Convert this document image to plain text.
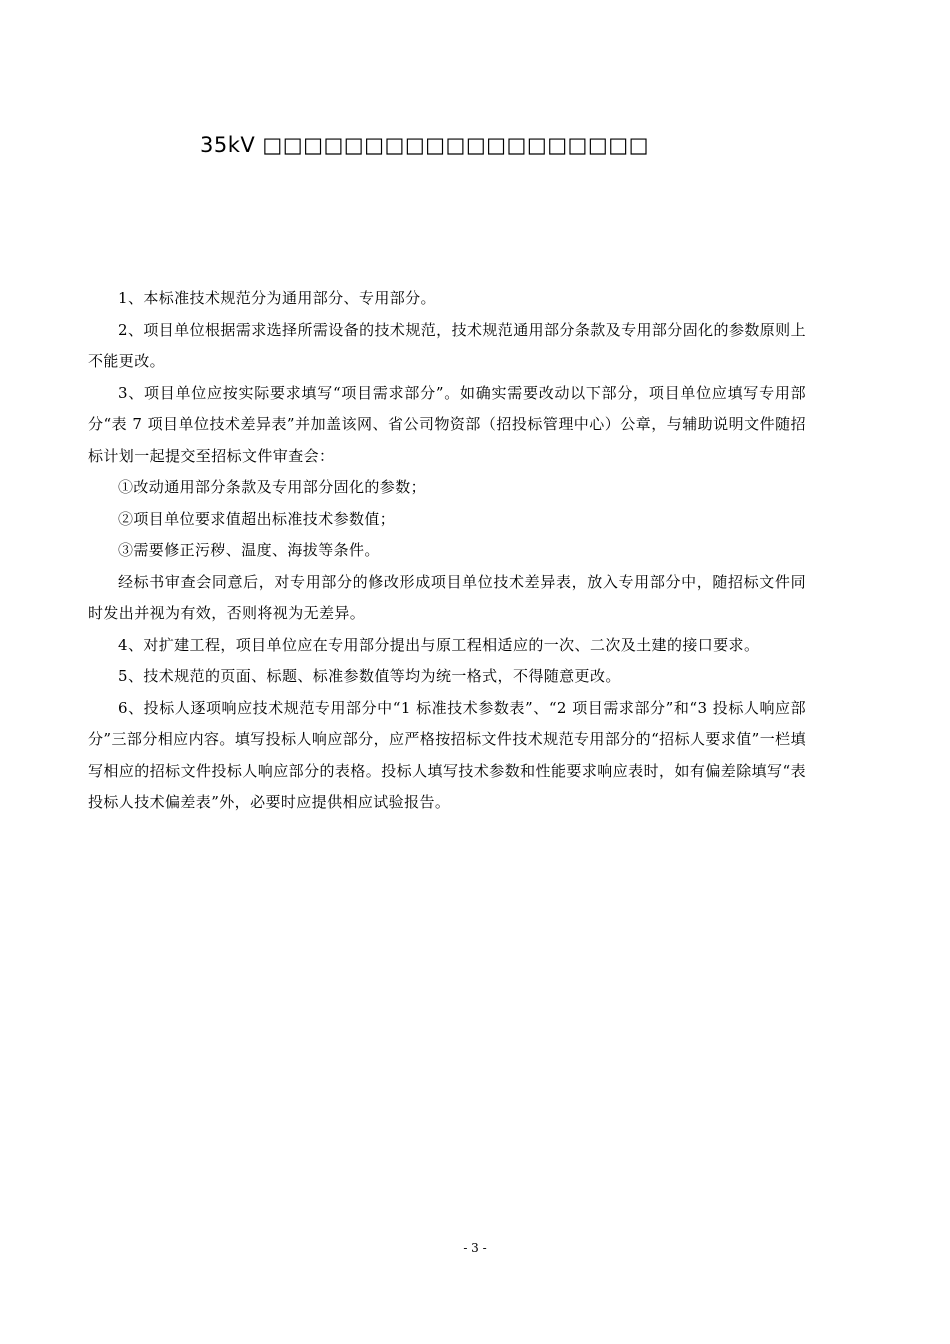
35kV □□□□□□□□□□□□□□□□□□□

1、本标准技术规范分为通用部分、专用部分。

2、项目单位根据需求选择所需设备的技术规范，技术规范通用部分条款及专用部分固化的参数原则上不能更改。

3、项目单位应按实际要求填写“项目需求部分”。如确实需要改动以下部分，项目单位应填写专用部分“表 7 项目单位技术差异表”并加盖该网、省公司物资部（招投标管理中心）公章，与辅助说明文件随招标计划一起提交至招标文件审查会：

①改动通用部分条款及专用部分固化的参数；

②项目单位要求值超出标准技术参数值；

③需要修正污秽、温度、海拔等条件。

经标书审查会同意后，对专用部分的修改形成项目单位技术差异表，放入专用部分中，随招标文件同时发出并视为有效，否则将视为无差异。

4、对扩建工程，项目单位应在专用部分提出与原工程相适应的一次、二次及土建的接口要求。

5、技术规范的页面、标题、标准参数值等均为统一格式，不得随意更改。

6、投标人逐项响应技术规范专用部分中“1 标准技术参数表”、“2 项目需求部分”和“3 投标人响应部分”三部分相应内容。填写投标人响应部分，应严格按招标文件技术规范专用部分的“招标人要求值”一栏填写相应的招标文件投标人响应部分的表格。投标人填写技术参数和性能要求响应表时，如有偏差除填写“表　投标人技术偏差表”外，必要时应提供相应试验报告。

- 3 -
